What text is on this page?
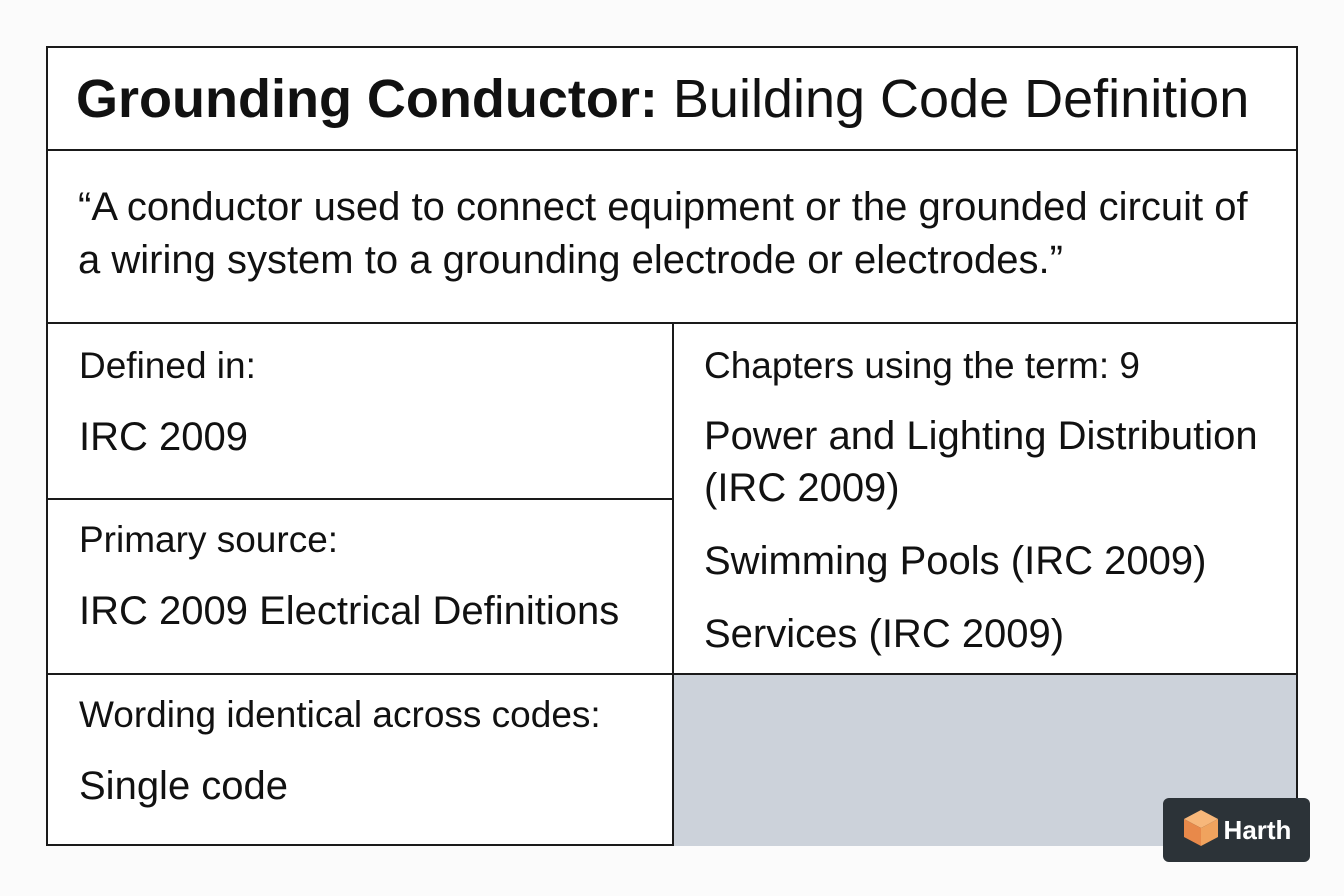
Grounding Conductor:
Building Code Definition
“A conductor used to connect equipment or the grounded circuit of a wiring system to a grounding electrode or electrodes.”
Defined in:
IRC 2009
Primary source:
IRC 2009 Electrical Definitions
Wording identical across codes:
Single code
Chapters using the term: 9
Power and Lighting Distribution (IRC 2009)
Swimming Pools (IRC 2009)
Services (IRC 2009)
Harth
